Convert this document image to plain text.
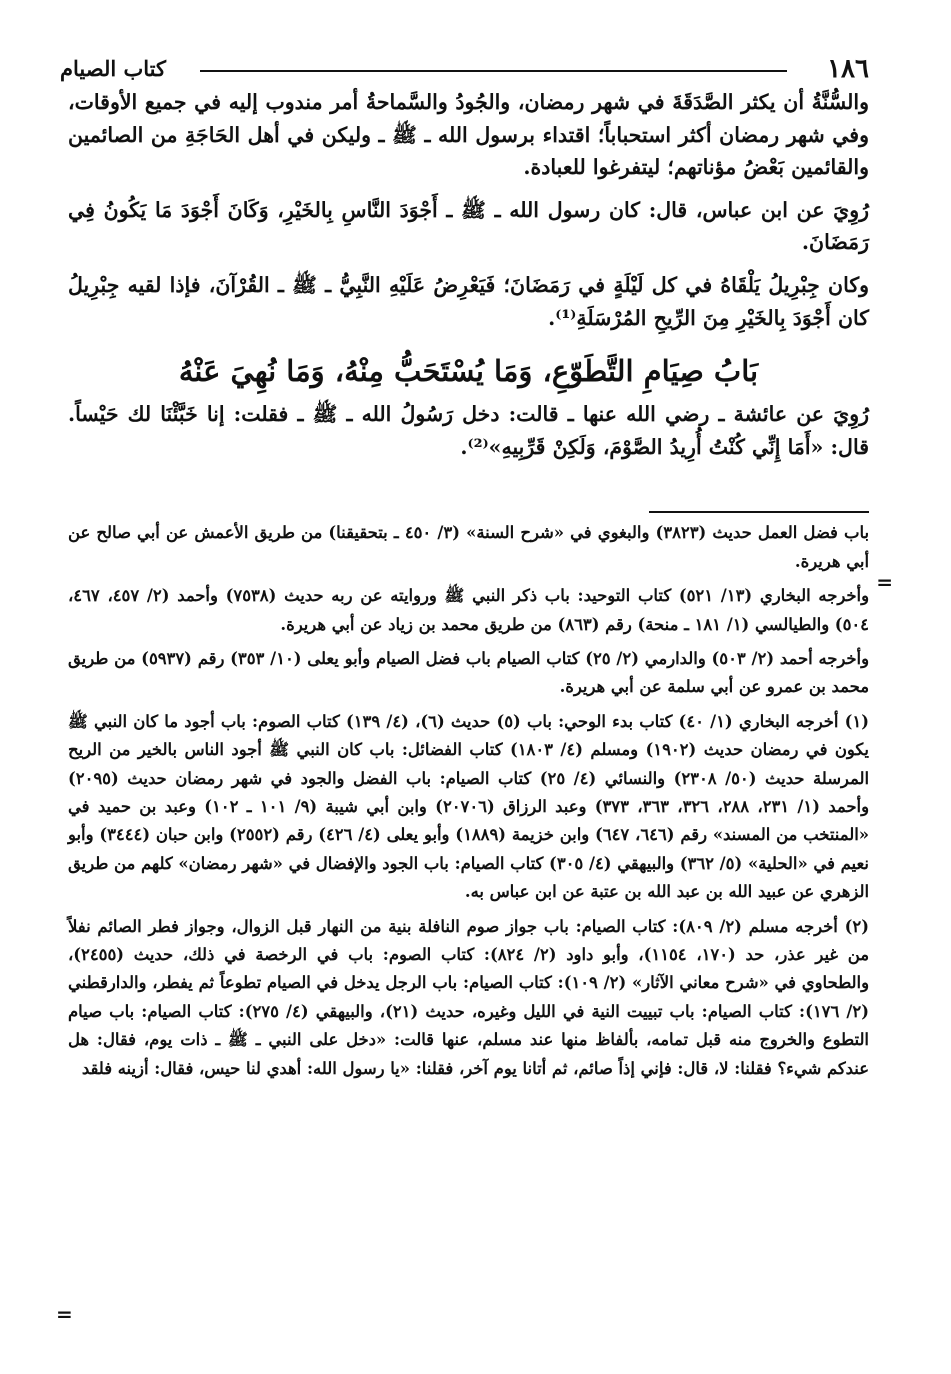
١٨٦
كتاب الصيام

والسُّنَّةُ أن يكثر الصَّدَقَةَ في شهر رمضان، والجُودُ والسَّماحةُ أمر مندوب إليه في جميع الأوقات، وفي شهر رمضان أكثر استحباباً؛ اقتداء برسول الله ـ ﷺ ـ وليكن في أهل الحَاجَةِ من الصائمين والقائمين بَعْضُ مؤناتهم؛ ليتفرغوا للعبادة.

رُوِيَ عن ابن عباس، قال: كان رسول الله ـ ﷺ ـ أَجْوَدَ النَّاسِ بِالخَيْرِ، وَكَانَ أَجْوَدَ مَا يَكُونُ فِي رَمَضَانَ.

وكان جِبْرِيلُ يَلْقَاهُ في كل لَيْلَةٍ في رَمَضَانَ؛ فَيَعْرِضُ عَلَيْهِ النَّبِيُّ ـ ﷺ ـ القُرْآنَ، فإذا لقيه جِبْرِيلُ كان أَجْوَدَ بِالخَيْرِ مِنَ الرِّيحِ المُرْسَلَةِ⁽¹⁾.

بَابُ صِيَامِ التَّطَوّعِ، وَمَا يُسْتَحَبُّ مِنْهُ، وَمَا نُهِيَ عَنْهُ

رُوِيَ عن عائشة ـ رضي الله عنها ـ قالت: دخل رَسُولُ الله ـ ﷺ ـ فقلت: إنا خَبَّئْنَا لك حَيْساً. قال: «أَمَا إِنِّي كُنْتُ أُرِيدُ الصَّوْمَ، وَلَكِنْ قَرِّبِيهِ»⁽²⁾.

باب فضل العمل حديث (٣٨٢٣) والبغوي في «شرح السنة» (٣/ ٤٥٠ ـ بتحقيقنا) من طريق الأعمش عن أبي صالح عن أبي هريرة.

وأخرجه البخاري (١٣/ ٥٢١) كتاب التوحيد: باب ذكر النبي ﷺ وروايته عن ربه حديث (٧٥٣٨) وأحمد (٢/ ٤٥٧، ٤٦٧، ٥٠٤) والطيالسي (١/ ١٨١ ـ منحة) رقم (٨٦٣) من طريق محمد بن زياد عن أبي هريرة.

وأخرجه أحمد (٢/ ٥٠٣) والدارمي (٢/ ٢٥) كتاب الصيام باب فضل الصيام وأبو يعلى (١٠/ ٣٥٣) رقم (٥٩٣٧) من طريق محمد بن عمرو عن أبي سلمة عن أبي هريرة.

(١) أخرجه البخاري (١/ ٤٠) كتاب بدء الوحي: باب (٥) حديث (٦)، (٤/ ١٣٩) كتاب الصوم: باب أجود ما كان النبي ﷺ يكون في رمضان حديث (١٩٠٢) ومسلم (٤/ ١٨٠٣) كتاب الفضائل: باب كان النبي ﷺ أجود الناس بالخير من الريح المرسلة حديث (٥٠/ ٢٣٠٨) والنسائي (٤/ ٢٥) كتاب الصيام: باب الفضل والجود في شهر رمضان حديث (٢٠٩٥) وأحمد (١/ ٢٣١، ٢٨٨، ٣٢٦، ٣٦٣، ٣٧٣) وعبد الرزاق (٢٠٧٠٦) وابن أبي شيبة (٩/ ١٠١ ـ ١٠٢) وعبد بن حميد في «المنتخب من المسند» رقم (٦٤٦، ٦٤٧) وابن خزيمة (١٨٨٩) وأبو يعلى (٤/ ٤٢٦) رقم (٢٥٥٢) وابن حبان (٣٤٤٤) وأبو نعيم في «الحلية» (٥/ ٣٦٢) والبيهقي (٤/ ٣٠٥) كتاب الصيام: باب الجود والإفضال في «شهر رمضان» كلهم من طريق الزهري عن عبيد الله بن عبد الله بن عتبة عن ابن عباس به.

(٢) أخرجه مسلم (٢/ ٨٠٩): كتاب الصيام: باب جواز صوم النافلة بنية من النهار قبل الزوال، وجواز فطر الصائم نفلاً من غير عذر، حد (١٧٠، ١١٥٤)، وأبو داود (٢/ ٨٢٤): كتاب الصوم: باب في الرخصة في ذلك، حديث (٢٤٥٥)، والطحاوي في «شرح معاني الآثار» (٢/ ١٠٩): كتاب الصيام: باب الرجل يدخل في الصيام تطوعاً ثم يفطر، والدارقطني (٢/ ١٧٦): كتاب الصيام: باب تبييت النية في الليل وغيره، حديث (٢١)، والبيهقي (٤/ ٢٧٥): كتاب الصيام: باب صيام التطوع والخروج منه قبل تمامه، بألفاظ منها عند مسلم، عنها قالت: «دخل على النبي ـ ﷺ ـ ذات يوم، فقال: هل عندكم شيء؟ فقلنا: لا، قال: فإني إذاً صائم، ثم أتانا يوم آخر، فقلنا: «يا رسول الله: أهدي لنا حيس، فقال: أزينه فلقد

=
=
